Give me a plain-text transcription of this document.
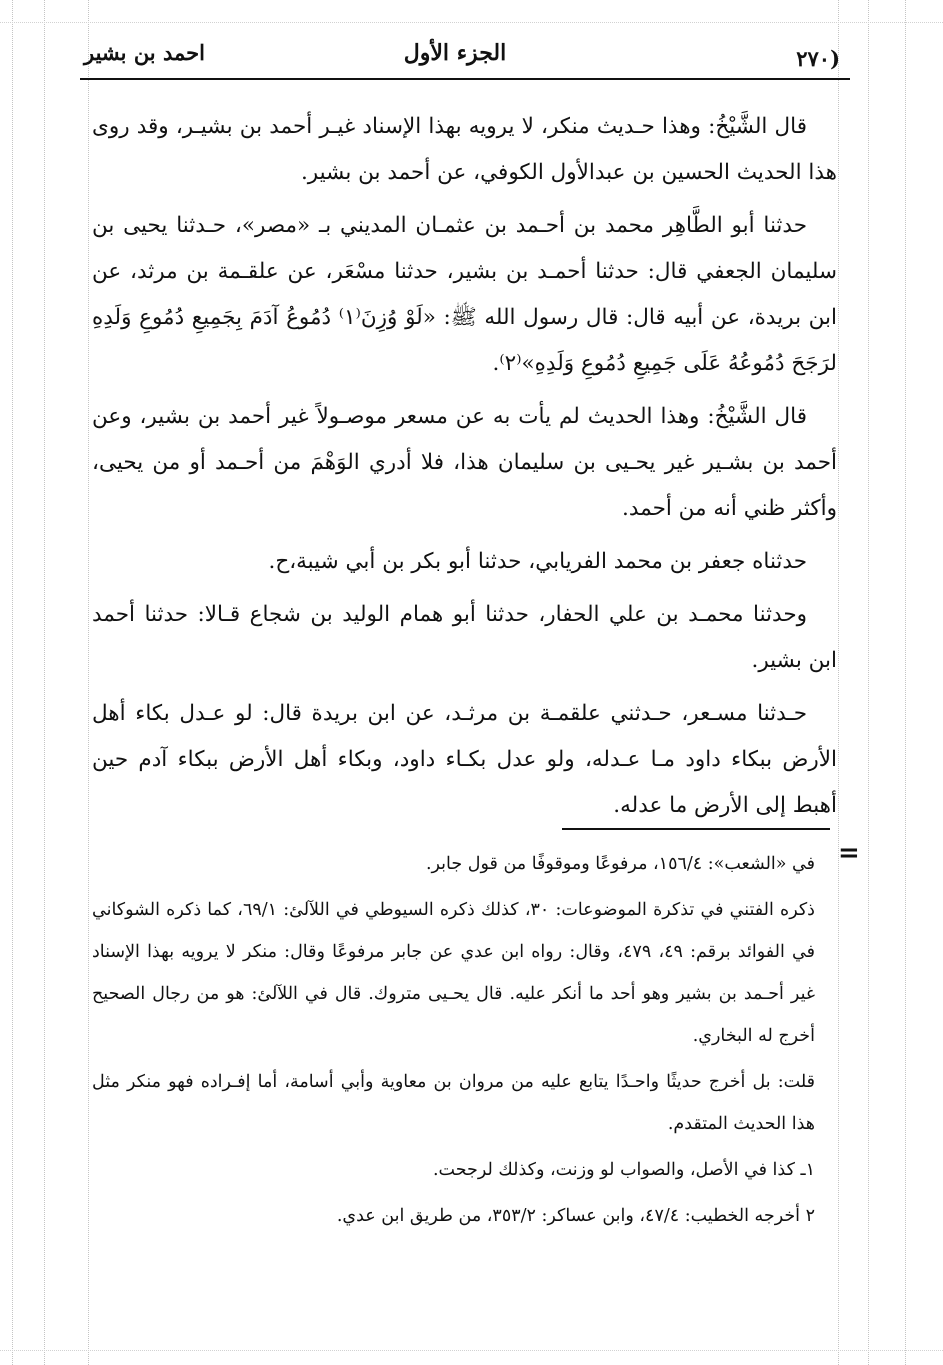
احمد بن بشير	الجزء الأول	(٢٧٠

قال الشَّيْخُ: وهذا حـديث منكر، لا يرويه بهذا الإسناد غيـر أحمد بن بشيـر، وقد روى هذا الحديث الحسين بن عبدالأول الكوفي، عن أحمد بن بشير.

حدثنا أبو الطَّاهِر محمد بن أحـمد بن عثمـان المديني بـ «مصر»، حـدثنا يحيى بن سليمان الجعفي قال: حدثنا أحمـد بن بشير، حدثنا مسْعَر، عن علقـمة بن مرثد، عن ابن بريدة، عن أبيه قال: قال رسول الله ﷺ: «لَوْ وُزِنَ⁽١⁾ دُمُوعُ آدَمَ بِجَمِيعِ دُمُوعِ وَلَدِهِ لرَجَحَ دُمُوعُهُ عَلَى جَمِيعِ دُمُوعِ وَلَدِهِ»⁽٢⁾.

قال الشَّيْخُ: وهذا الحديث لم يأت به عن مسعر موصـولاً غير أحمد بن بشير، وعن أحمد بن بشـير غير يحـيى بن سليمان هذا، فلا أدري الوَهْمَ من أحـمد أو من يحيى، وأكثر ظني أنه من أحمد.

حدثناه جعفر بن محمد الفريابي، حدثنا أبو بكر بن أبي شيبة،ح.

وحدثنا محمـد بن علي الحفار، حدثنا أبو همام الوليد بن شجاع قـالا: حدثنا أحمد ابن بشير.

حـدثنا مسـعر، حـدثني علقمـة بن مرثـد، عن ابن بريدة قال: لو عـدل بكاء أهل الأرض ببكاء داود مـا عـدله، ولو عدل بكـاء داود، وبكاء أهل الأرض ببكاء آدم حين أهبط إلى الأرض ما عدله.

=

في «الشعب»: ١٥٦/٤، مرفوعًا وموقوفًا من قول جابر.

ذكره الفتني في تذكرة الموضوعات: ٣٠، كذلك ذكره السيوطي في اللآلئ: ٦٩/١، كما ذكره الشوكاني في الفوائد برقم: ٤٩، ٤٧٩، وقال: رواه ابن عدي عن جابر مرفوعًا وقال: منكر لا يرويه بهذا الإسناد غير أحـمد بن بشير وهو أحد ما أنكر عليه. قال يحـيى متروك. قال في اللآلئ: هو من رجال الصحيح أخرج له البخاري.

قلت: بل أخرج حديثًا واحـدًا يتابع عليه من مروان بن معاوية وأبي أسامة، أما إفـراده فهو منكر مثل هذا الحديث المتقدم.

١ـ كذا في الأصل، والصواب لو وزنت، وكذلك لرجحت.

٢ أخرجه الخطيب: ٤٧/٤، وابن عساكر: ٣٥٣/٢، من طريق ابن عدي.
